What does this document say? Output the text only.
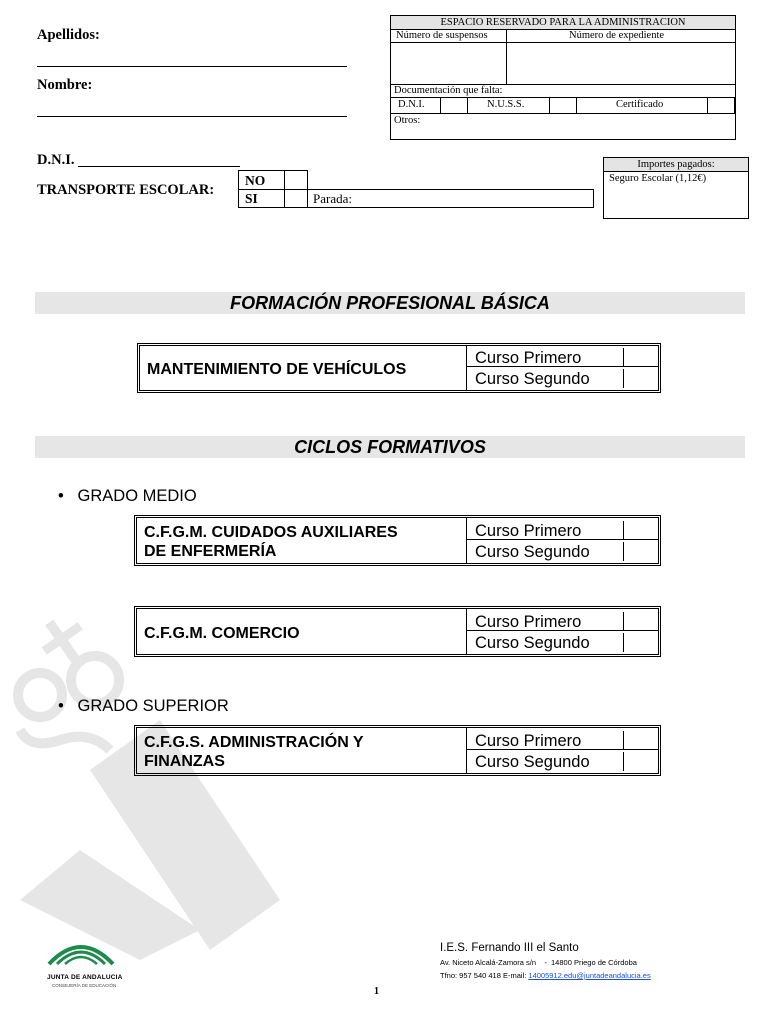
Apellidos:
Nombre:
D.N.I.
TRANSPORTE ESCOLAR:
NO
SI	Parada:
ESPACIO RESERVADO PARA LA ADMINISTRACION
Número de suspensos	Número de expediente
Documentación que falta:
D.N.I.	N.U.S.S.	Certificado
Otros:
Importes pagados:
Seguro Escolar (1,12€)
FORMACIÓN PROFESIONAL BÁSICA
MANTENIMIENTO DE VEHÍCULOS
Curso Primero
Curso Segundo
CICLOS FORMATIVOS
•   GRADO MEDIO
C.F.G.M. CUIDADOS AUXILIARES
DE ENFERMERÍA
Curso Primero
Curso Segundo
C.F.G.M. COMERCIO
Curso Primero
Curso Segundo
•   GRADO SUPERIOR
C.F.G.S. ADMINISTRACIÓN Y
FINANZAS
Curso Primero
Curso Segundo
JUNTA DE ANDALUCIA
CONSEJERÍA DE EDUCACIÓN
I.E.S. Fernando III el Santo
Av. Niceto Alcalá-Zamora s/n    -  14800 Priego de Córdoba
Tfno: 957 540 418 E-mail: 14005912.edu@juntadeandalucia.es
1
